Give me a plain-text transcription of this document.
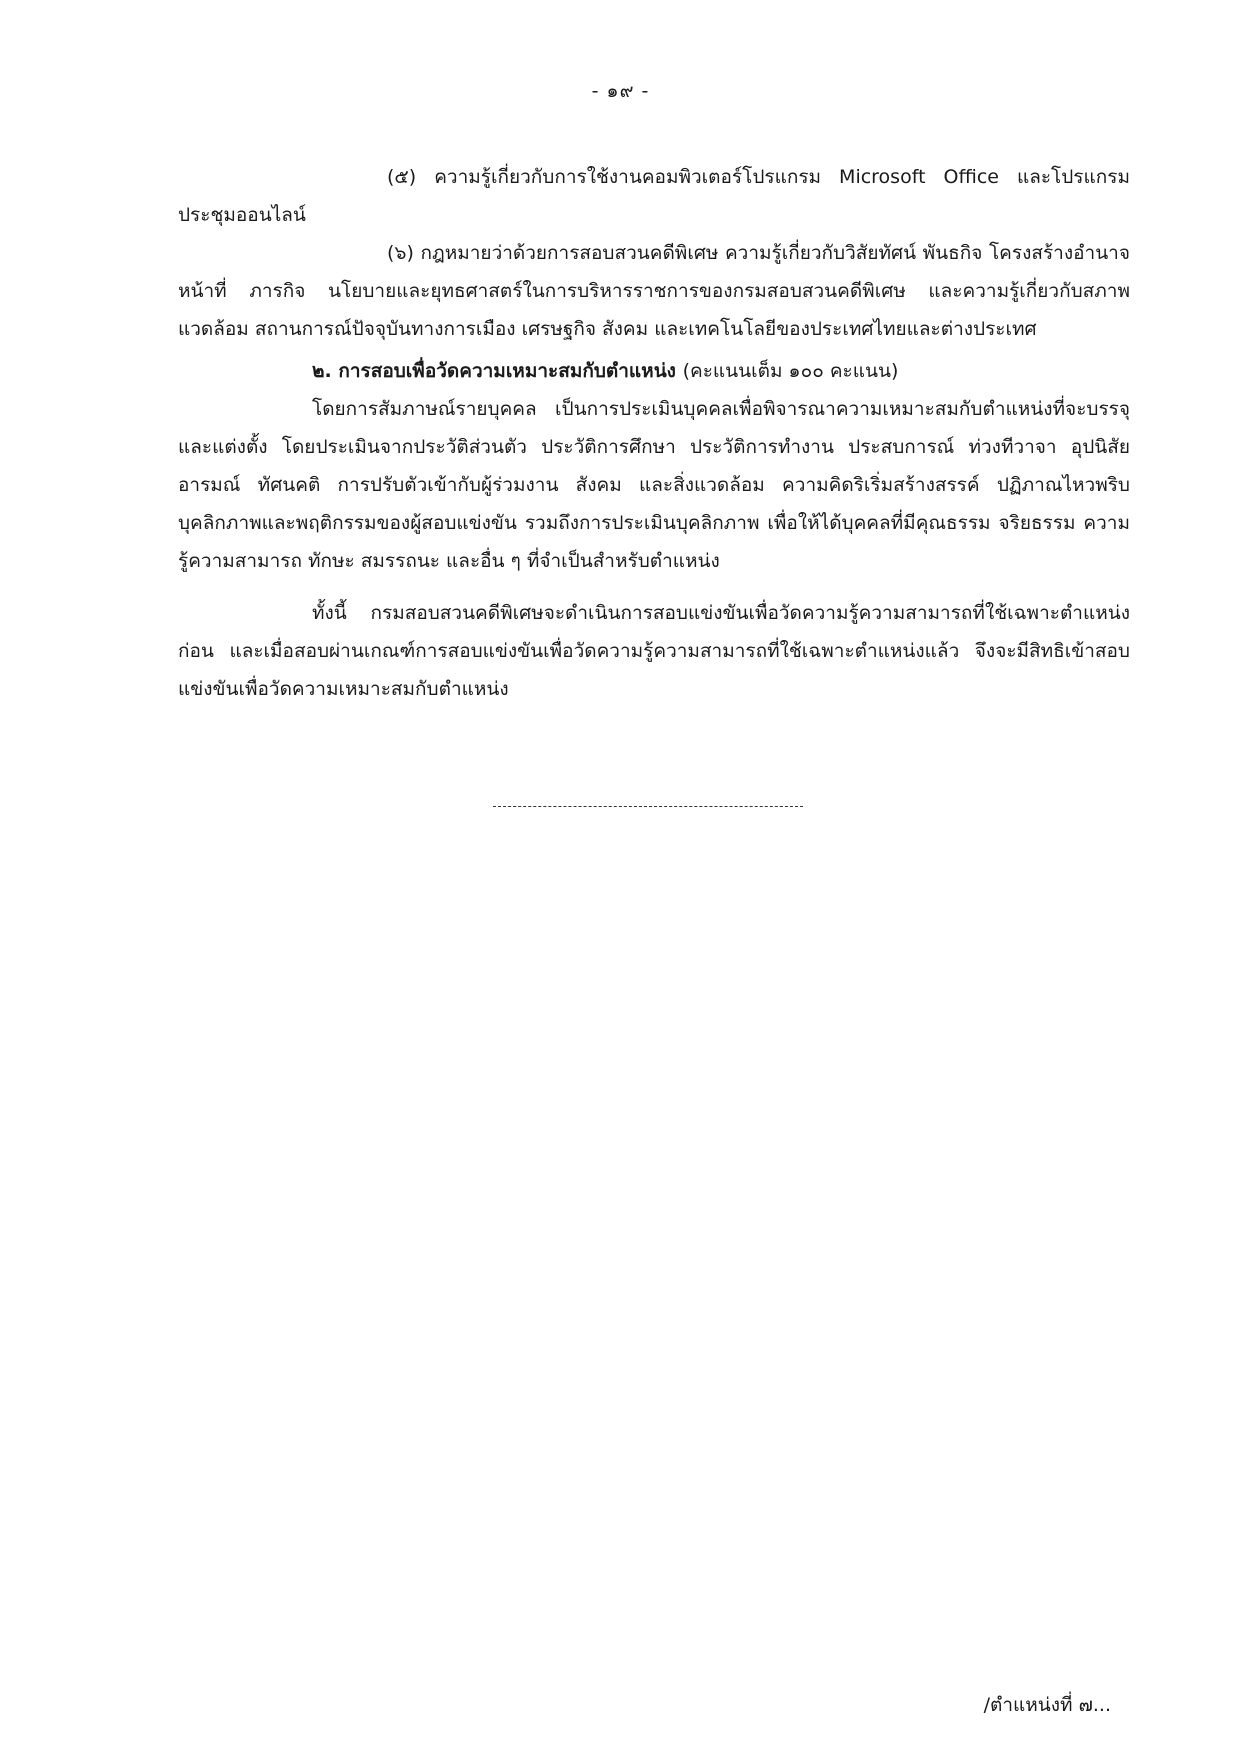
- ๑๙ -

(๕) ความรู้เกี่ยวกับการใช้งานคอมพิวเตอร์โปรแกรม Microsoft Office และโปรแกรมประชุมออนไลน์

(๖) กฎหมายว่าด้วยการสอบสวนคดีพิเศษ ความรู้เกี่ยวกับวิสัยทัศน์ พันธกิจ โครงสร้างอำนาจหน้าที่ ภารกิจ นโยบายและยุทธศาสตร์ในการบริหารราชการของกรมสอบสวนคดีพิเศษ และความรู้เกี่ยวกับสภาพแวดล้อม สถานการณ์ปัจจุบันทางการเมือง เศรษฐกิจ สังคม และเทคโนโลยีของประเทศไทยและต่างประเทศ

๒. การสอบเพื่อวัดความเหมาะสมกับตำแหน่ง (คะแนนเต็ม ๑๐๐ คะแนน)

โดยการสัมภาษณ์รายบุคคล เป็นการประเมินบุคคลเพื่อพิจารณาความเหมาะสมกับตำแหน่งที่จะบรรจุและแต่งตั้ง โดยประเมินจากประวัติส่วนตัว ประวัติการศึกษา ประวัติการทำงาน ประสบการณ์ ท่วงทีวาจา อุปนิสัย อารมณ์ ทัศนคติ การปรับตัวเข้ากับผู้ร่วมงาน สังคม และสิ่งแวดล้อม ความคิดริเริ่มสร้างสรรค์ ปฏิภาณไหวพริบ บุคลิกภาพและพฤติกรรมของผู้สอบแข่งขัน รวมถึงการประเมินบุคลิกภาพ เพื่อให้ได้บุคคลที่มีคุณธรรม จริยธรรม ความรู้ความสามารถ ทักษะ สมรรถนะ และอื่น ๆ ที่จำเป็นสำหรับตำแหน่ง

ทั้งนี้ กรมสอบสวนคดีพิเศษจะดำเนินการสอบแข่งขันเพื่อวัดความรู้ความสามารถที่ใช้เฉพาะตำแหน่งก่อน และเมื่อสอบผ่านเกณฑ์การสอบแข่งขันเพื่อวัดความรู้ความสามารถที่ใช้เฉพาะตำแหน่งแล้ว จึงจะมีสิทธิเข้าสอบแข่งขันเพื่อวัดความเหมาะสมกับตำแหน่ง

/ตำแหน่งที่ ๗...
